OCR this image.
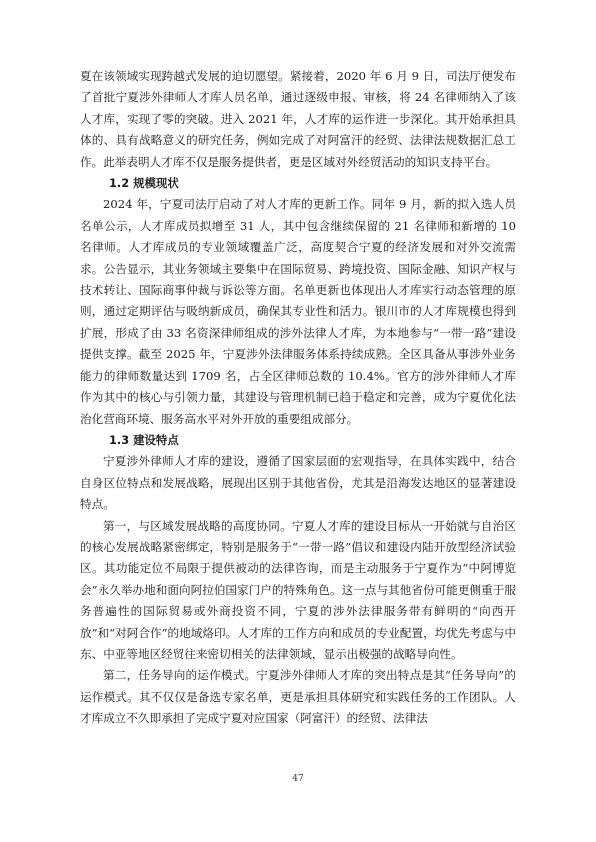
夏在该领域实现跨越式发展的迫切愿望。紧接着，2020 年 6 月 9 日，司法厅便发布了首批宁夏涉外律师人才库人员名单，通过逐级申报、审核，将 24 名律师纳入了该人才库，实现了零的突破。进入 2021 年，人才库的运作进一步深化。其开始承担具体的、具有战略意义的研究任务，例如完成了对阿富汗的经贸、法律法规数据汇总工作。此举表明人才库不仅是服务提供者，更是区域对外经贸活动的知识支持平台。

1.2 规模现状

2024 年，宁夏司法厅启动了对人才库的更新工作。同年 9 月，新的拟入选人员名单公示，人才库成员拟增至 31 人，其中包含继续保留的 21 名律师和新增的 10 名律师。人才库成员的专业领域覆盖广泛，高度契合宁夏的经济发展和对外交流需求。公告显示，其业务领域主要集中在国际贸易、跨境投资、国际金融、知识产权与技术转让、国际商事仲裁与诉讼等方面。名单更新也体现出人才库实行动态管理的原则，通过定期评估与吸纳新成员，确保其专业性和活力。银川市的人才库规模也得到扩展，形成了由 33 名资深律师组成的涉外法律人才库，为本地参与“一带一路”建设提供支撑。截至 2025 年，宁夏涉外法律服务体系持续成熟。全区具备从事涉外业务能力的律师数量达到 1709 名，占全区律师总数的 10.4%。官方的涉外律师人才库作为其中的核心与引领力量，其建设与管理机制已趋于稳定和完善，成为宁夏优化法治化营商环境、服务高水平对外开放的重要组成部分。

1.3 建设特点

宁夏涉外律师人才库的建设，遵循了国家层面的宏观指导，在具体实践中，结合自身区位特点和发展战略，展现出区别于其他省份，尤其是沿海发达地区的显著建设特点。

第一，与区域发展战略的高度协同。宁夏人才库的建设目标从一开始就与自治区的核心发展战略紧密绑定，特别是服务于“一带一路”倡议和建设内陆开放型经济试验区。其功能定位不局限于提供被动的法律咨询，而是主动服务于宁夏作为“中阿博览会”永久举办地和面向阿拉伯国家门户的特殊角色。这一点与其他省份可能更侧重于服务普遍性的国际贸易或外商投资不同，宁夏的涉外法律服务带有鲜明的“向西开放”和“对阿合作”的地域烙印。人才库的工作方向和成员的专业配置，均优先考虑与中东、中亚等地区经贸往来密切相关的法律领域，显示出极强的战略导向性。

第二，任务导向的运作模式。宁夏涉外律师人才库的突出特点是其“任务导向”的运作模式。其不仅仅是备选专家名单，更是承担具体研究和实践任务的工作团队。人才库成立不久即承担了完成宁夏对应国家（阿富汗）的经贸、法律法

47
